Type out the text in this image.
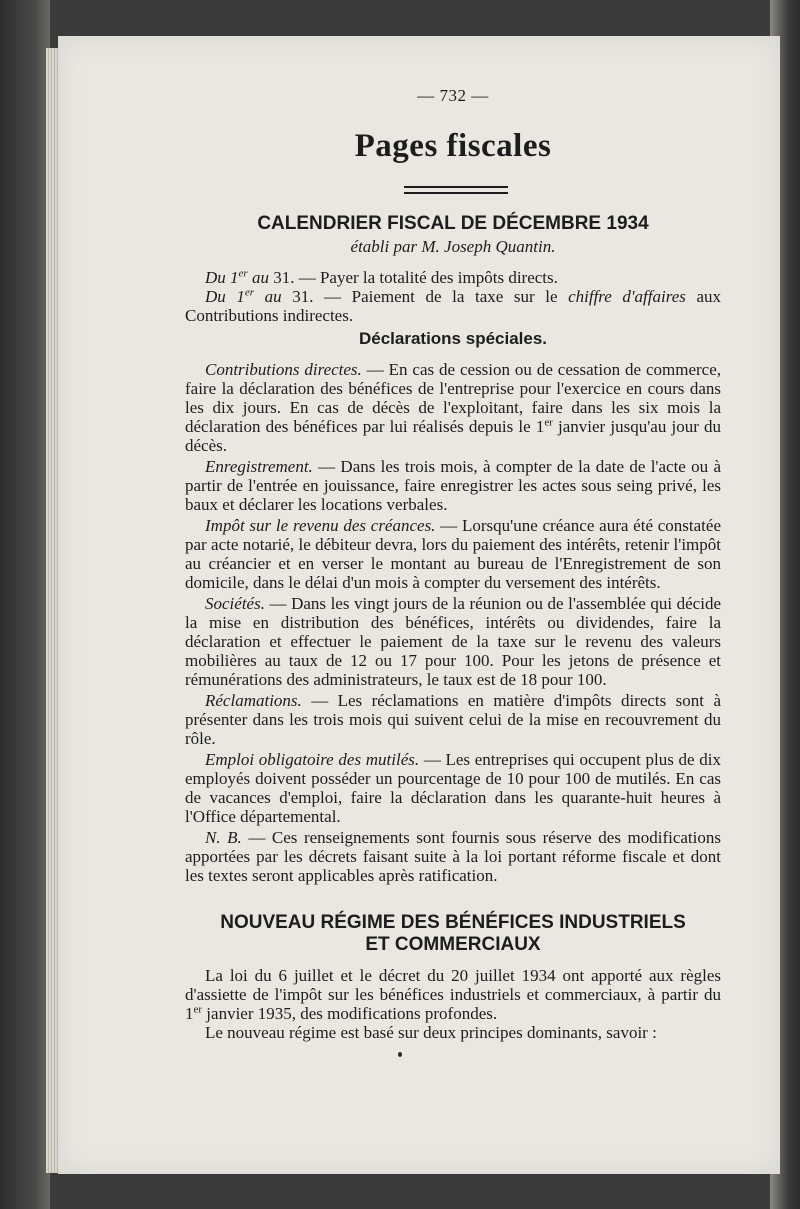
— 732 —
Pages fiscales
CALENDRIER FISCAL DE DÉCEMBRE 1934
établi par M. Joseph Quantin.

Du 1er au 31. — Payer la totalité des impôts directs.

Du 1er au 31. — Paiement de la taxe sur le chiffre d'affaires aux Contributions indirectes.

Déclarations spéciales.

Contributions directes. — En cas de cession ou de cessation de commerce, faire la déclaration des bénéfices de l'entreprise pour l'exercice en cours dans les dix jours. En cas de décès de l'exploitant, faire dans les six mois la déclaration des bénéfices par lui réalisés depuis le 1er janvier jusqu'au jour du décès.

Enregistrement. — Dans les trois mois, à compter de la date de l'acte ou à partir de l'entrée en jouissance, faire enregistrer les actes sous seing privé, les baux et déclarer les locations verbales.

Impôt sur le revenu des créances. — Lorsqu'une créance aura été constatée par acte notarié, le débiteur devra, lors du paiement des intérêts, retenir l'impôt au créancier et en verser le montant au bureau de l'Enregistrement de son domicile, dans le délai d'un mois à compter du versement des intérêts.

Sociétés. — Dans les vingt jours de la réunion ou de l'assemblée qui décide la mise en distribution des bénéfices, intérêts ou dividendes, faire la déclaration et effectuer le paiement de la taxe sur le revenu des valeurs mobilières au taux de 12 ou 17 pour 100. Pour les jetons de présence et rémunérations des administrateurs, le taux est de 18 pour 100.

Réclamations. — Les réclamations en matière d'impôts directs sont à présenter dans les trois mois qui suivent celui de la mise en recouvrement du rôle.

Emploi obligatoire des mutilés. — Les entreprises qui occupent plus de dix employés doivent posséder un pourcentage de 10 pour 100 de mutilés. En cas de vacances d'emploi, faire la déclaration dans les quarante-huit heures à l'Office départemental.

N. B. — Ces renseignements sont fournis sous réserve des modifications apportées par les décrets faisant suite à la loi portant réforme fiscale et dont les textes seront applicables après ratification.

NOUVEAU RÉGIME DES BÉNÉFICES INDUSTRIELS
ET COMMERCIAUX

La loi du 6 juillet et le décret du 20 juillet 1934 ont apporté aux règles d'assiette de l'impôt sur les bénéfices industriels et commerciaux, à partir du 1er janvier 1935, des modifications profondes.

Le nouveau régime est basé sur deux principes dominants, savoir :
